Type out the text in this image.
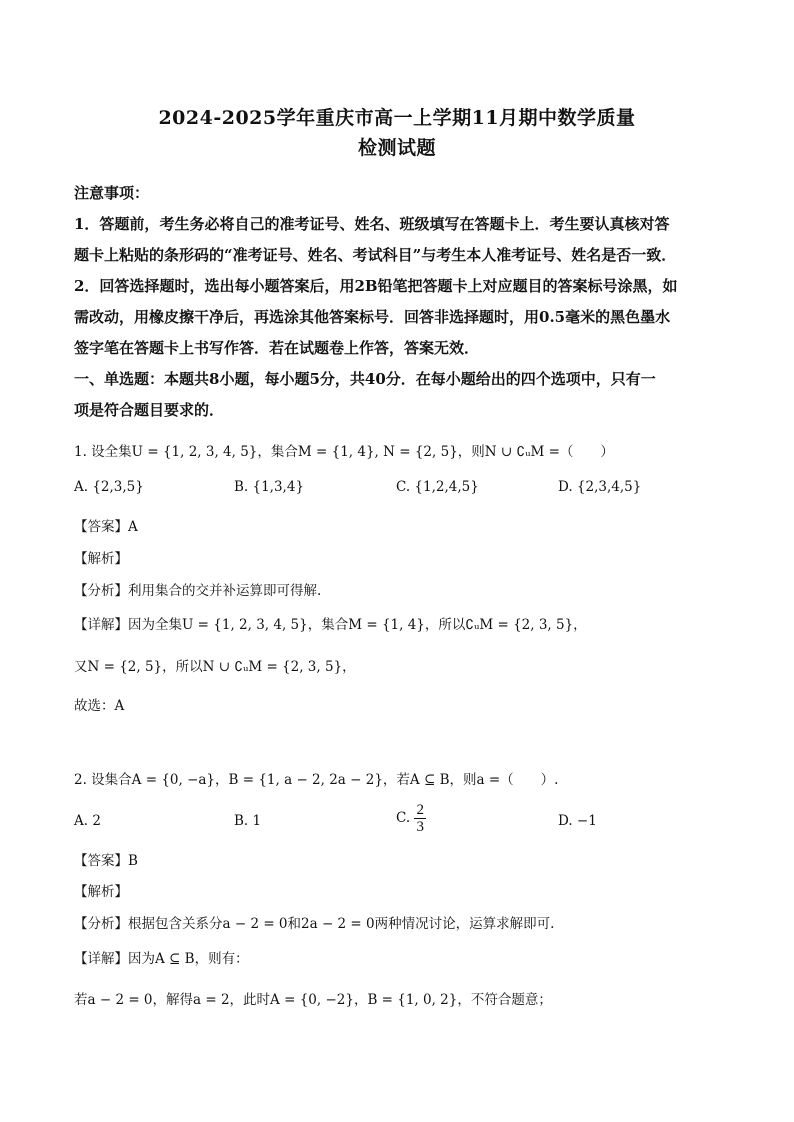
2024-2025学年重庆市高一上学期11月期中数学质量
检测试题
注意事项：
1．答题前，考生务必将自己的准考证号、姓名、班级填写在答题卡上．考生要认真核对答
题卡上粘贴的条形码的“准考证号、姓名、考试科目”与考生本人准考证号、姓名是否一致．
2．回答选择题时，选出每小题答案后，用2B铅笔把答题卡上对应题目的答案标号涂黑，如
需改动，用橡皮擦干净后，再选涂其他答案标号．回答非选择题时，用0.5毫米的黑色墨水
签字笔在答题卡上书写作答．若在试题卷上作答，答案无效．
一、单选题：本题共8小题，每小题5分，共40分．在每小题给出的四个选项中，只有一
项是符合题目要求的．
1. 设全集U = {1, 2, 3, 4, 5}，集合M = {1, 4}, N = {2, 5}，则N ∪ ∁ᵤM =（　　）
A. {2,3,5}	B. {1,3,4}	C. {1,2,4,5}	D. {2,3,4,5}
【答案】A
【解析】
【分析】利用集合的交并补运算即可得解.
【详解】因为全集U = {1, 2, 3, 4, 5}，集合M = {1, 4}，所以∁ᵤM = {2, 3, 5}，
又N = {2, 5}，所以N ∪ ∁ᵤM = {2, 3, 5}，
故选：A
2. 设集合A = {0, −a}，B = {1, a − 2, 2a − 2}，若A ⊆ B，则a =（　　）.
A. 2	B. 1	C. $\frac{2}{3}$	D. −1
【答案】B
【解析】
【分析】根据包含关系分a − 2 = 0和2a − 2 = 0两种情况讨论，运算求解即可.
【详解】因为A ⊆ B，则有：
若a − 2 = 0，解得a = 2，此时A = {0, −2}，B = {1, 0, 2}，不符合题意；
